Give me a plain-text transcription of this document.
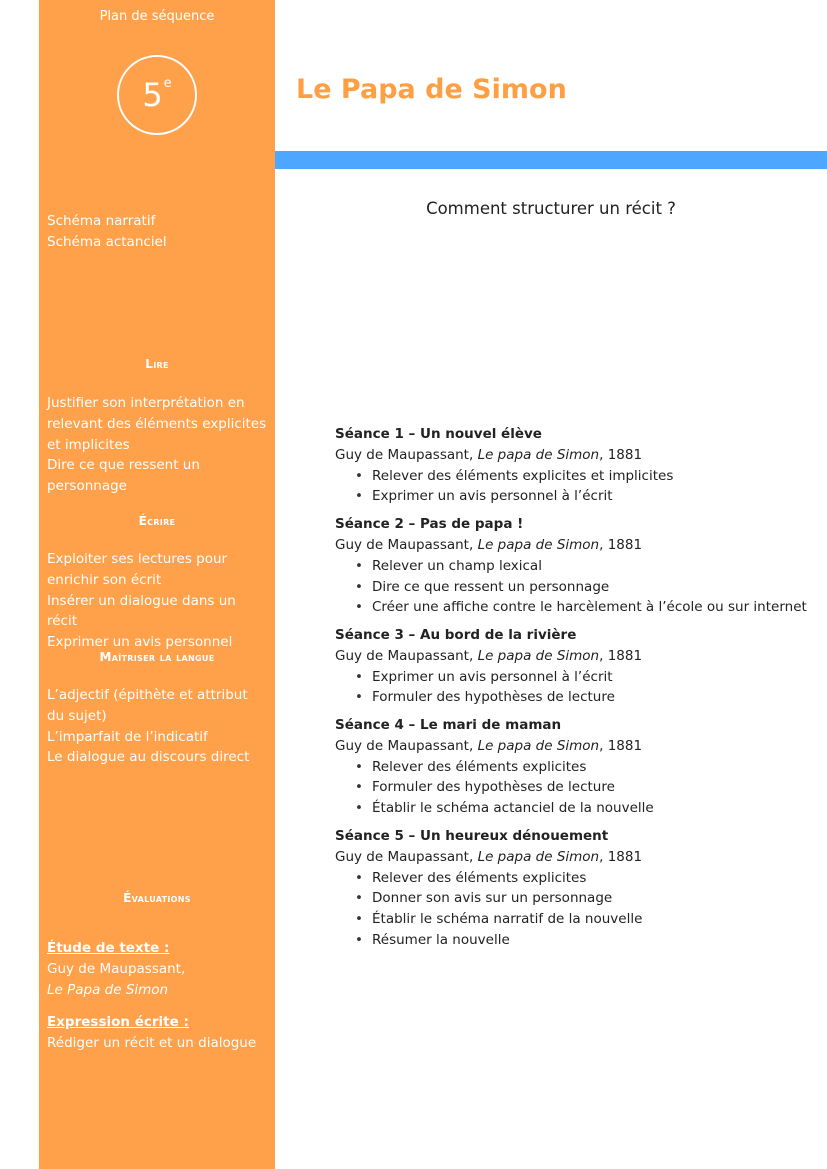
Plan de séquence
5e
Schéma narratif
Schéma actanciel
Lire
Justifier son interprétation en relevant des éléments explicites et implicites
Dire ce que ressent un personnage
Écrire
Exploiter ses lectures pour enrichir son écrit
Insérer un dialogue dans un récit
Exprimer un avis personnel
Maîtriser la langue
L’adjectif (épithète et attribut du sujet)
L’imparfait de l’indicatif
Le dialogue au discours direct
Évaluations
Étude de texte :
Guy de Maupassant,
Le Papa de Simon
Expression écrite :
Rédiger un récit et un dialogue
Le Papa de Simon
Comment structurer un récit ?
Séance 1 – Un nouvel élève
Guy de Maupassant, Le papa de Simon, 1881
• Relever des éléments explicites et implicites
• Exprimer un avis personnel à l’écrit
Séance 2 – Pas de papa !
Guy de Maupassant, Le papa de Simon, 1881
• Relever un champ lexical
• Dire ce que ressent un personnage
• Créer une affiche contre le harcèlement à l’école ou sur internet
Séance 3 – Au bord de la rivière
Guy de Maupassant, Le papa de Simon, 1881
• Exprimer un avis personnel à l’écrit
• Formuler des hypothèses de lecture
Séance 4 – Le mari de maman
Guy de Maupassant, Le papa de Simon, 1881
• Relever des éléments explicites
• Formuler des hypothèses de lecture
• Établir le schéma actanciel de la nouvelle
Séance 5 – Un heureux dénouement
Guy de Maupassant, Le papa de Simon, 1881
• Relever des éléments explicites
• Donner son avis sur un personnage
• Établir le schéma narratif de la nouvelle
• Résumer la nouvelle
